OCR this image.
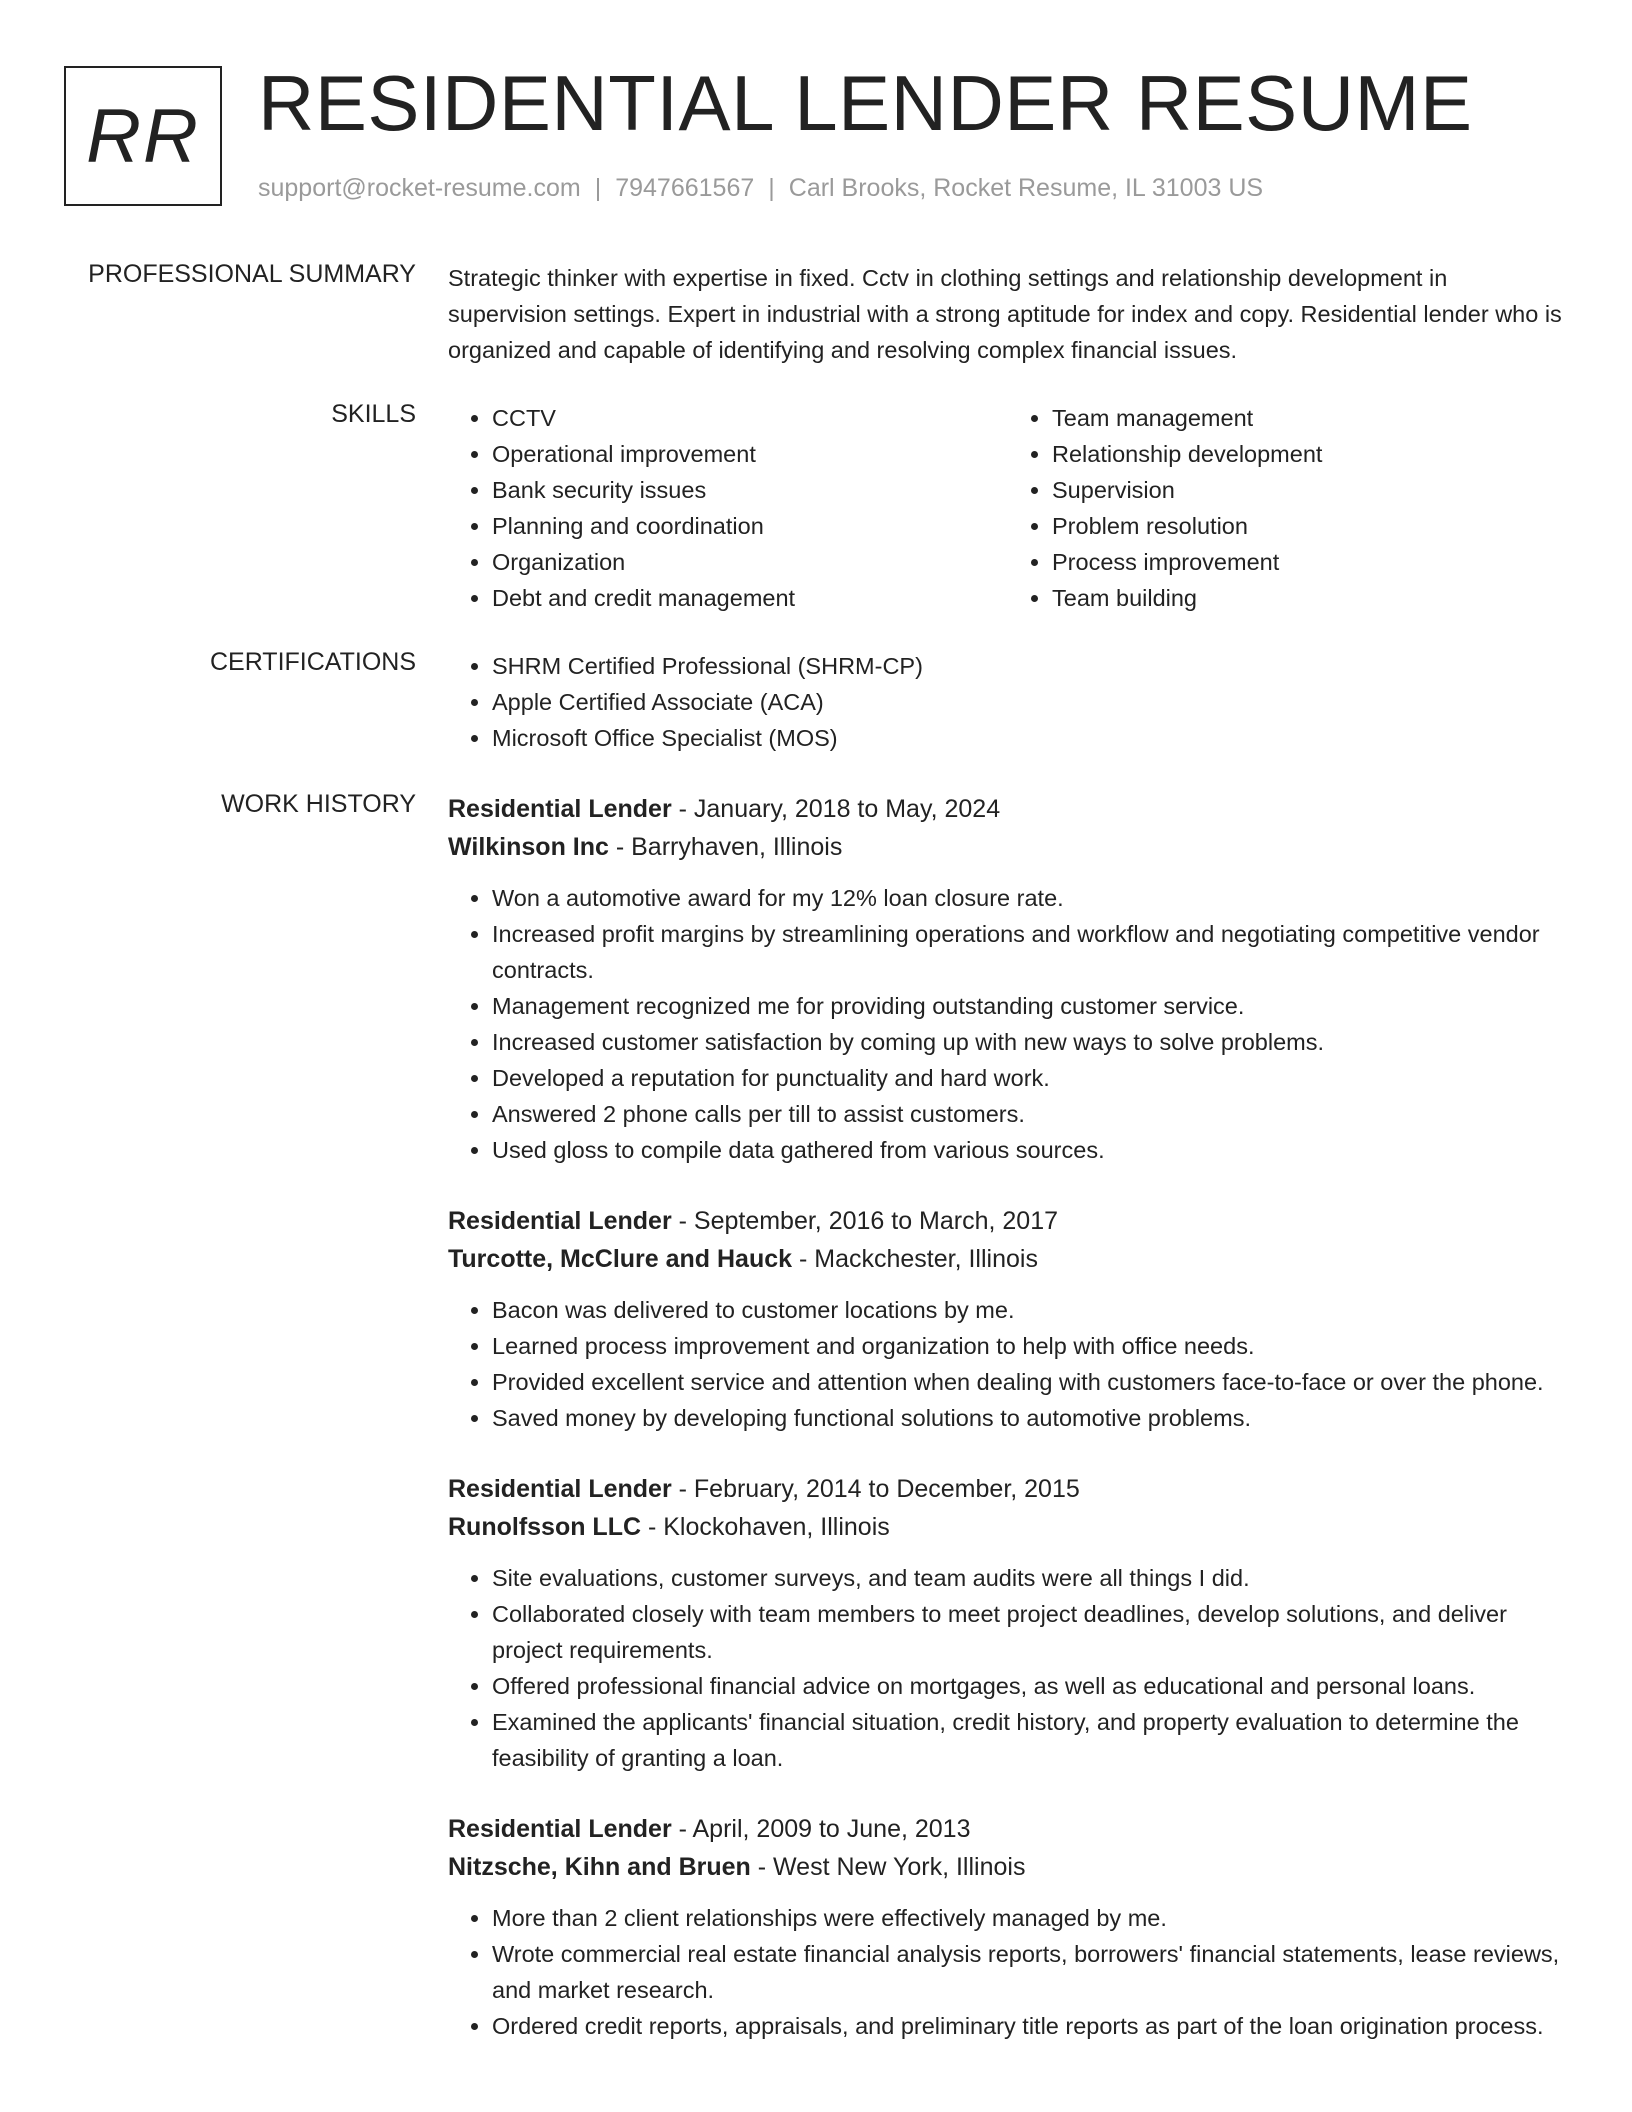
RR RESIDENTIAL LENDER RESUME
support@rocket-resume.com | 7947661567 | Carl Brooks, Rocket Resume, IL 31003 US
PROFESSIONAL SUMMARY Strategic thinker with expertise in fixed. Cctv in clothing settings and relationship development in supervision settings. Expert in industrial with a strong aptitude for index and copy. Residential lender who is organized and capable of identifying and resolving complex financial issues.

SKILLS	• CCTV
• Operational improvement
• Bank security issues
• Planning and coordination
• Organization
• Debt and credit management
• Team management
• Relationship development
• Supervision
• Problem resolution
• Process improvement
• Team building
CERTIFICATIONS	• SHRM Certified Professional (SHRM-CP)
• Apple Certified Associate (ACA)
• Microsoft Office Specialist (MOS)
WORK HISTORY Residential Lender - January, 2018 to May, 2024
Wilkinson Inc - Barryhaven, Illinois
• Won a automotive award for my 12% loan closure rate.
• Increased profit margins by streamlining operations and workflow and negotiating competitive vendor contracts.
• Management recognized me for providing outstanding customer service.
• Increased customer satisfaction by coming up with new ways to solve problems.
• Developed a reputation for punctuality and hard work.
• Answered 2 phone calls per till to assist customers.
• Used gloss to compile data gathered from various sources.
Residential Lender - September, 2016 to March, 2017
Turcotte, McClure and Hauck - Mackchester, Illinois
• Bacon was delivered to customer locations by me.
• Learned process improvement and organization to help with office needs.
• Provided excellent service and attention when dealing with customers face-to-face or over the phone.
• Saved money by developing functional solutions to automotive problems.
Residential Lender - February, 2014 to December, 2015
Runolfsson LLC - Klockohaven, Illinois
• Site evaluations, customer surveys, and team audits were all things I did.
• Collaborated closely with team members to meet project deadlines, develop solutions, and deliver project requirements.
• Offered professional financial advice on mortgages, as well as educational and personal loans.
• Examined the applicants' financial situation, credit history, and property evaluation to determine the feasibility of granting a loan.
Residential Lender - April, 2009 to June, 2013
Nitzsche, Kihn and Bruen - West New York, Illinois
• More than 2 client relationships were effectively managed by me.
• Wrote commercial real estate financial analysis reports, borrowers' financial statements, lease reviews, and market research.
• Ordered credit reports, appraisals, and preliminary title reports as part of the loan origination process.
